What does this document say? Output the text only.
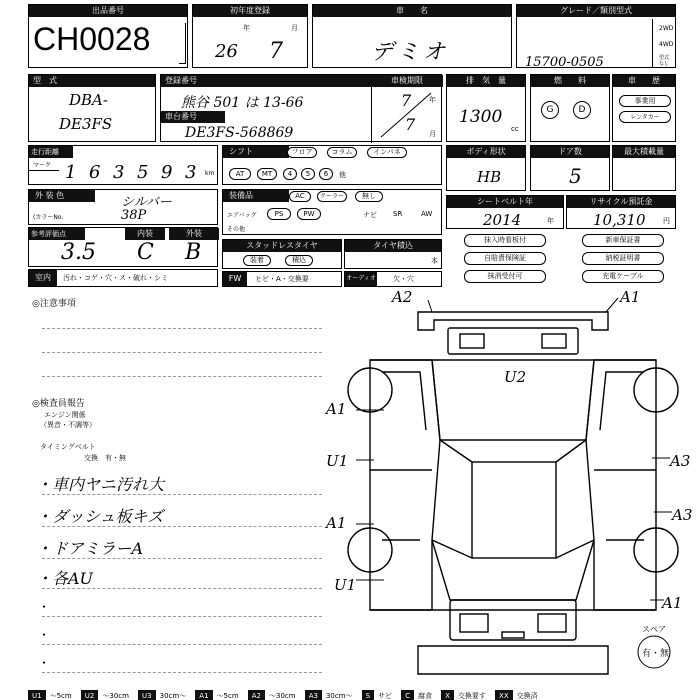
出品番号
CH0028
初年度登録
年	月
26 7
車　　名
デミオ
グレード／類別型式
2WD
4WD
型式なし
15700-0505
型　式
DBA-
DE3FS
登録番号	車検期限
熊谷 501 は 13-66
車台番号
DE3FS-568869
7	年
7 月
排　気　量
1300
cc
燃　　料
G	D
車　　歴
事業用
レンタカー
走行距離
マーク 1 6 3 5 9 3 km
シフト	フロア	コラム	インパネ
AT	MT	4	5	6	他
ボディ形状
HB
ドア数
5
最大積載量
外 装 色	シルバー
(カラーNo.	38P
装備品	AC	クーラー	無し
エアバッグ	PS	PW	ナビ SR	AW
その他
シートベルト年
2014	年
リサイクル預託金
10,310	円
参考評価点	内装	外装
3.5 C B	スタッドレスタイヤ
装着	積込
タイヤ積込
本
抹入時看板付
自賠責保険証
抹消受付可
新車保証書
納税証明書
充電ケーブル
室内	汚れ・コゲ・穴・ス・破れ・シミ	FW	ヒビ・A・交換要	オーディオ 欠・穴
◎注意事項
◎検査員報告
エンジン関係
（異音・不調等）
タイミングベルト
交換　有・無
・車内ヤニ汚れ大
・ダッシュ板キズ
・ドアミラーA
・各AU
・
・
・
A2	A1
U2
A1
U1	A3
A1	A3
U1
A1
スペア
有・無
U1 〜5cm U2 〜30cm U3 30cm〜 A1 〜5cm A2 〜30cm A3 30cm〜 S サビ C 腐食 X 交換要す XX 交換済
